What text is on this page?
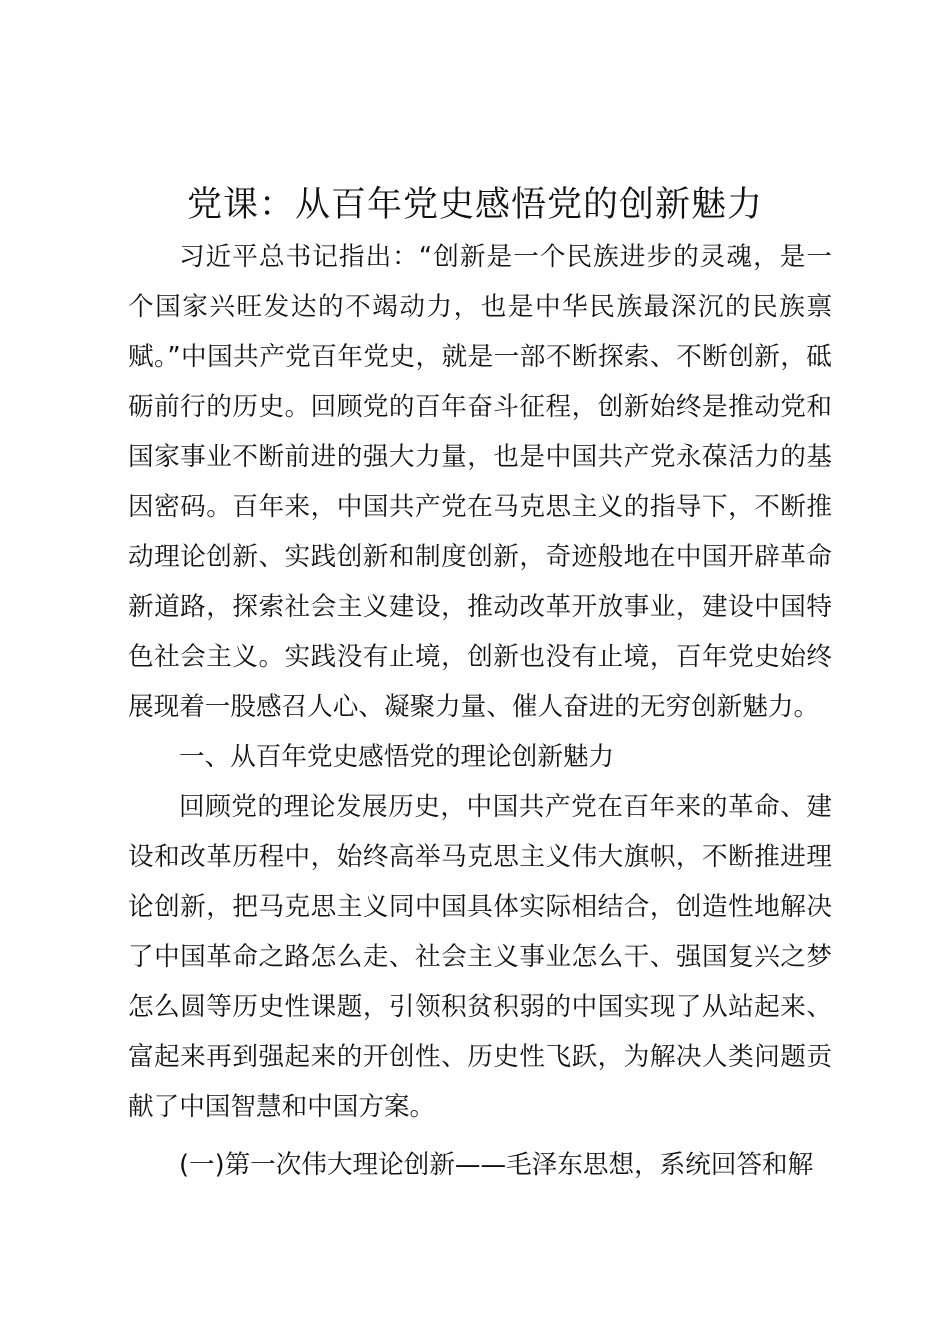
党课：从百年党史感悟党的创新魅力

习近平总书记指出：“创新是一个民族进步的灵魂，是一个国家兴旺发达的不竭动力，也是中华民族最深沉的民族禀赋。”中国共产党百年党史，就是一部不断探索、不断创新，砥砺前行的历史。回顾党的百年奋斗征程，创新始终是推动党和国家事业不断前进的强大力量，也是中国共产党永葆活力的基因密码。百年来，中国共产党在马克思主义的指导下，不断推动理论创新、实践创新和制度创新，奇迹般地在中国开辟革命新道路，探索社会主义建设，推动改革开放事业，建设中国特色社会主义。实践没有止境，创新也没有止境，百年党史始终展现着一股感召人心、凝聚力量、催人奋进的无穷创新魅力。

一、从百年党史感悟党的理论创新魅力

回顾党的理论发展历史，中国共产党在百年来的革命、建设和改革历程中，始终高举马克思主义伟大旗帜，不断推进理论创新，把马克思主义同中国具体实际相结合，创造性地解决了中国革命之路怎么走、社会主义事业怎么干、强国复兴之梦怎么圆等历史性课题，引领积贫积弱的中国实现了从站起来、富起来再到强起来的开创性、历史性飞跃，为解决人类问题贡献了中国智慧和中国方案。

(一)第一次伟大理论创新——毛泽东思想，系统回答和解
